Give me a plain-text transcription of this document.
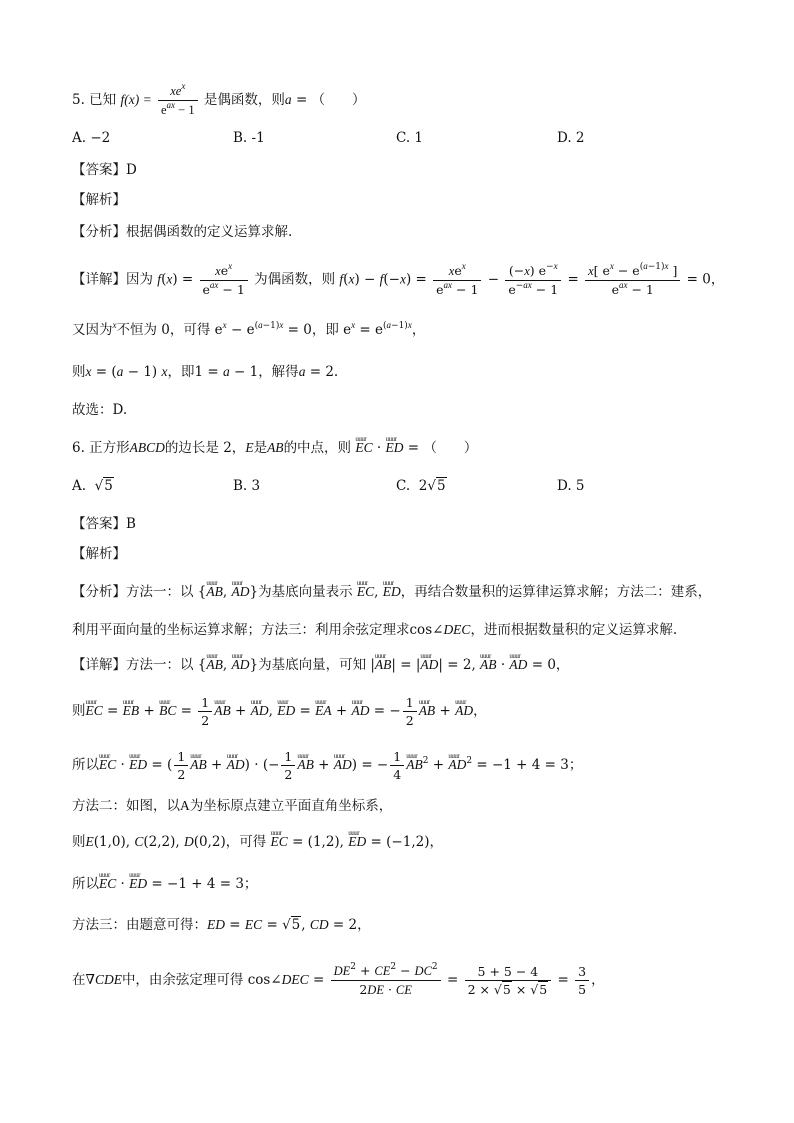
5. 已知 $f(x) = \frac{xe^x}{e^{ax} - 1}$ 是偶函数，则a = （　　）
A. −2	B. -1	C. 1	D. 2
【答案】D
【解析】
【分析】根据偶函数的定义运算求解.
【详解】因为 $f(x) = \frac{xe^x}{e^{ax} - 1}$ 为偶函数，则 $f(x) - f(-x) = \frac{xe^x}{e^{ax} - 1} - \frac{(-x) e^{-x}}{e^{-ax} - 1} = \frac{x[ e^x - e^{(a-1)x} ]}{e^{ax} - 1} = 0$，
又因为$^x$不恒为 0，可得 $e^x - e^{(a-1)x} = 0$，即 $e^x = e^{(a-1)x}$，
则x = (a − 1) x，即1 = a − 1，解得a = 2.
故选：D.
6. 正方形ABCD的边长是 2，E是AB的中点，则 uuur EC · uuur ED = （　　）
A.  √5	B. 3	C. 2√5	D. 5
【答案】B
【解析】
【分析】方法一：以 {uuur AB, uuur AD}为基底向量表示 uuur EC, uuur ED，再结合数量积的运算律运算求解；方法二：建系，
利用平面向量的坐标运算求解；方法三：利用余弦定理求cos∠DEC，进而根据数量积的定义运算求解.
【详解】方法一：以 {uuur AB, uuur AD}为基底向量，可知 |uuur AB| = |uuur AD| = 2, uuur AB · uuur AD = 0，
则uuur EC = uuur EB + uuur BC = $\frac{1}{2}$ uuur AB + uuur AD, uuur ED = uuur EA + uuur AD = − $\frac{1}{2}$ uuur AB + uuur AD，
所以uuur EC · uuur ED = ( $\frac{1}{2}$ uuur AB + uuur AD) · (− $\frac{1}{2}$ uuur AB + uuur AD) = − $\frac{1}{4}$ uuur $AB^2$ + uuur $AD^2 = -1 + 4 = 3$；
方法二：如图，以A为坐标原点建立平面直角坐标系，
则E(1,0), C(2,2), D(0,2)，可得 uuur EC = (1,2), uuur ED = (−1,2)，
所以uuur EC · uuur ED = −1 + 4 = 3；
方法三：由题意可得：ED = EC = √5, CD = 2，
在∇CDE中，由余弦定理可得 cos∠DEC = $\frac{DE^2 + CE^2 - DC^2}{2DE \cdot CE} = \frac{5 + 5 - 4}{2 \times √5 \times √5} = \frac{3}{5}$ ，
